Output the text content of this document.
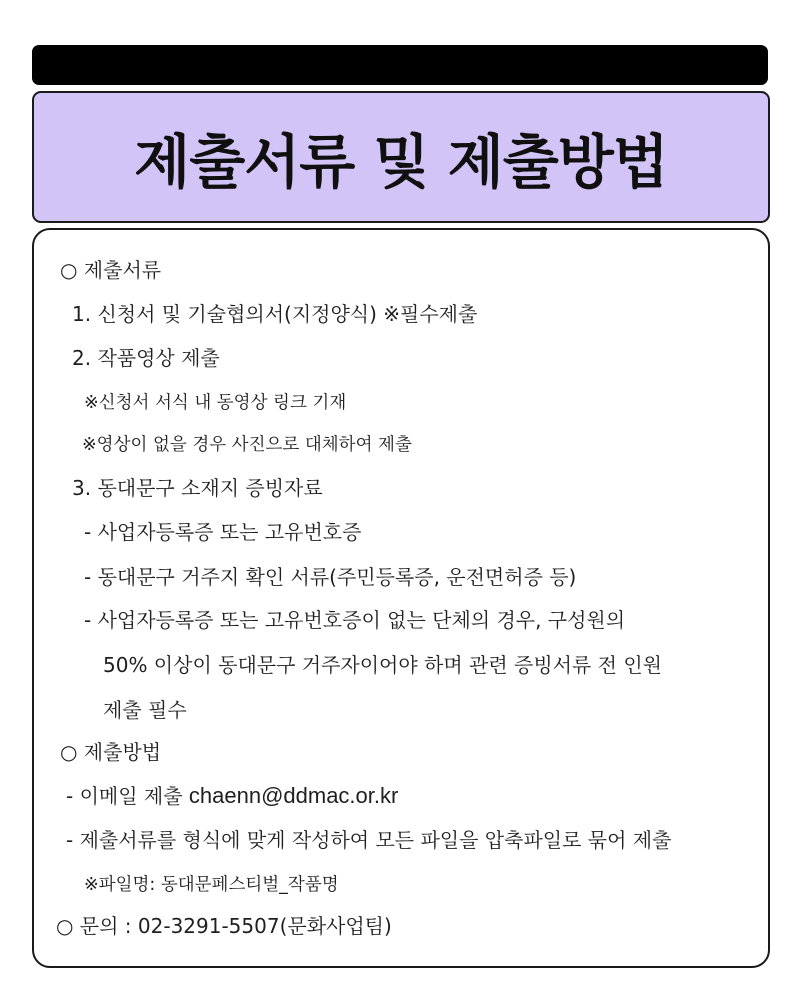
제출서류 및 제출방법
○ 제출서류
1. 신청서 및 기술협의서(지정양식) ※필수제출
2. 작품영상 제출
※신청서 서식 내 동영상 링크 기재
※영상이 없을 경우 사진으로 대체하여 제출
3. 동대문구 소재지 증빙자료
- 사업자등록증 또는 고유번호증
- 동대문구 거주지 확인 서류(주민등록증, 운전면허증 등)
- 사업자등록증 또는 고유번호증이 없는 단체의 경우, 구성원의
50% 이상이 동대문구 거주자이어야 하며 관련 증빙서류 전 인원
제출 필수
○ 제출방법
- 이메일 제출 chaenn@ddmac.or.kr
- 제출서류를 형식에 맞게 작성하여 모든 파일을 압축파일로 묶어 제출
※파일명: 동대문페스티벌_작품명
○ 문의 : 02-3291-5507(문화사업팀)
